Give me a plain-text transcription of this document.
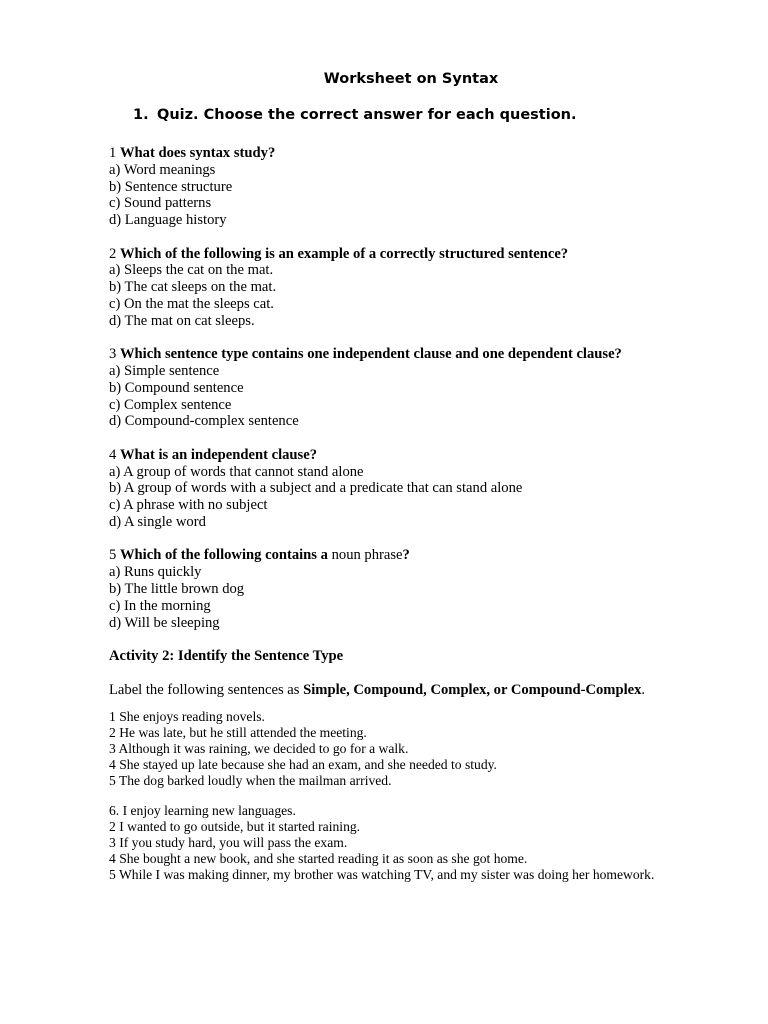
Worksheet on Syntax
1. Quiz. Choose the correct answer for each question.
1 What does syntax study?
a) Word meanings
b) Sentence structure
c) Sound patterns
d) Language history
2 Which of the following is an example of a correctly structured sentence?
a) Sleeps the cat on the mat.
b) The cat sleeps on the mat.
c) On the mat the sleeps cat.
d) The mat on cat sleeps.
3 Which sentence type contains one independent clause and one dependent clause?
a) Simple sentence
b) Compound sentence
c) Complex sentence
d) Compound-complex sentence
4 What is an independent clause?
a) A group of words that cannot stand alone
b) A group of words with a subject and a predicate that can stand alone
c) A phrase with no subject
d) A single word
5 Which of the following contains a noun phrase?
a) Runs quickly
b) The little brown dog
c) In the morning
d) Will be sleeping
Activity 2: Identify the Sentence Type
Label the following sentences as Simple, Compound, Complex, or Compound-Complex.
1 She enjoys reading novels.
2 He was late, but he still attended the meeting.
3 Although it was raining, we decided to go for a walk.
4 She stayed up late because she had an exam, and she needed to study.
5 The dog barked loudly when the mailman arrived.
6. I enjoy learning new languages.
2 I wanted to go outside, but it started raining.
3 If you study hard, you will pass the exam.
4 She bought a new book, and she started reading it as soon as she got home.
5 While I was making dinner, my brother was watching TV, and my sister was doing her homework.
